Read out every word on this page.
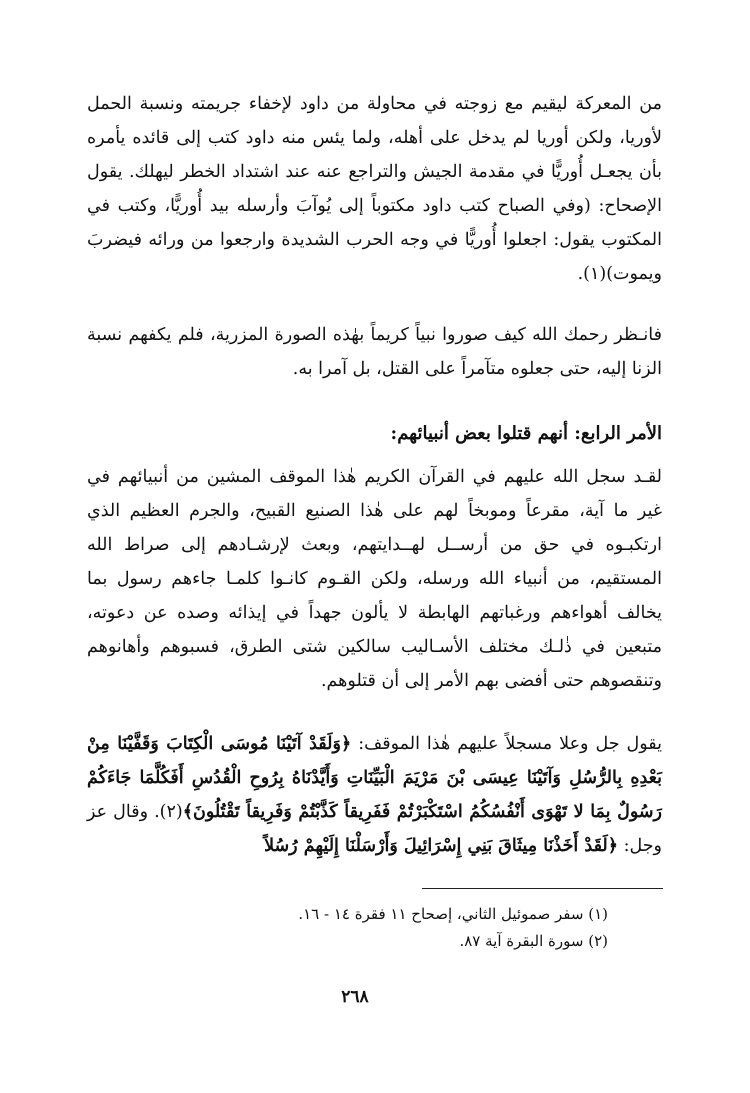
من المعركة ليقيم مع زوجته في محاولة من داود لإخفاء جريمته ونسبة الحمل لأوريا، ولكن أوريا لم يدخل على أهله، ولما يئس منه داود كتب إلى قائده يأمره بأن يجعـل أُوريًّا في مقدمة الجيش والتراجع عنه عند اشتداد الخطر ليهلك. يقول الإصحاح: (وفي الصباح كتب داود مكتوباً إلى يُوآبَ وأرسله بيد أُوريًّا، وكتب في المكتوب يقول: اجعلوا أُوريًّا في وجه الحرب الشديدة وارجعوا من ورائه فيضربَ ويموت)(١).

فانـظر رحمك الله كيف صوروا نبياً كريماً بهٰذه الصورة المزرية، فلم يكفهم نسبة الزنا إليه، حتى جعلوه متآمراً على القتل، بل آمرا به.

الأمر الرابع: أنهم قتلوا بعض أنبيائهم:

لقـد سجل الله عليهم في القرآن الكريم هٰذا الموقف المشين من أنبيائهم في غير ما آية، مقرعاً وموبخاً لهم على هٰذا الصنيع القبيح، والجرم العظيم الذي ارتكبـوه في حق من أرســل لهــدايتهم، وبعث لإرشـادهم إلى صراط الله المستقيم، من أنبياء الله ورسله، ولكن القـوم كانـوا كلمـا جاءهم رسول بما يخالف أهواءهم ورغباتهم الهابطة لا يألون جهداً في إيذائه وصده عن دعوته، متبعين في ذٰلـك مختلف الأسـاليب سالكين شتى الطرق، فسبوهم وأهانوهم وتنقصوهم حتى أفضى بهم الأمر إلى أن قتلوهم.

يقول جل وعلا مسجلاً عليهم هٰذا الموقف: ﴿وَلَقَدْ آتَيْنَا مُوسَى الْكِتَابَ وَقَفَّيْنَا مِنْ بَعْدِهِ بِالرُّسُلِ وَآتَيْنَا عِيسَى بْنَ مَرْيَمَ الْبَيِّنَاتِ وَأَيَّدْنَاهُ بِرُوحِ الْقُدُسِ أَفَكُلَّمَا جَاءَكُمْ رَسُولٌ بِمَا لا تَهْوَى أَنْفُسُكُمُ اسْتَكْبَرْتُمْ فَفَرِيقاً كَذَّبْتُمْ وَفَرِيقاً تَقْتُلُونَ﴾(٢). وقال عز وجل: ﴿لَقَدْ أَخَذْنَا مِيثَاقَ بَنِي إِسْرَائِيلَ وَأَرْسَلْنَا إِلَيْهِمْ رُسُلاً

(١) سفر صموئيل الثاني، إصحاح ١١ فقرة ١٤ - ١٦.
(٢) سورة البقرة آية ٨٧.
٢٦٨
